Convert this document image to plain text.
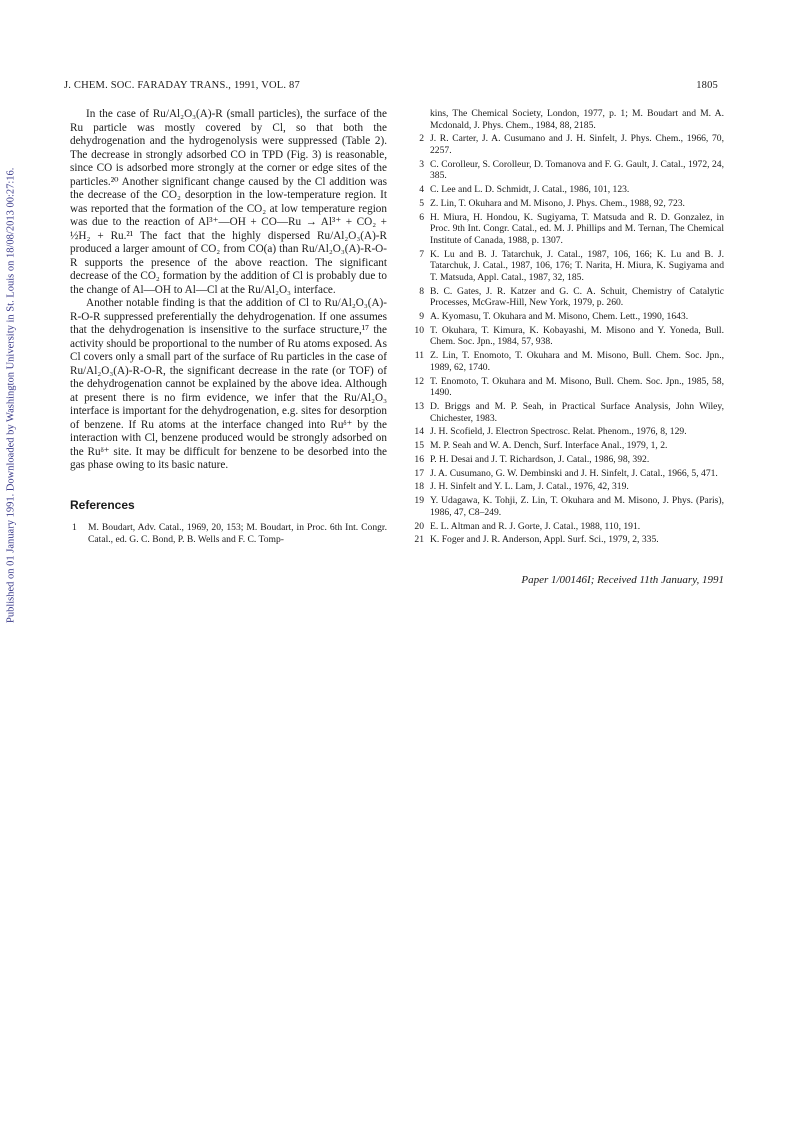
Published on 01 January 1991. Downloaded by Washington University in St. Louis on 18/08/2013 00:27:16.
J. CHEM. SOC. FARADAY TRANS., 1991, VOL. 87	1805

In the case of Ru/Al₂O₃(A)-R (small particles), the surface of the Ru particle was mostly covered by Cl, so that both the dehydrogenation and the hydrogenolysis were suppressed (Table 2). The decrease in strongly adsorbed CO in TPD (Fig. 3) is reasonable, since CO is adsorbed more strongly at the corner or edge sites of the particles.²⁰ Another significant change caused by the Cl addition was the decrease of the CO₂ desorption in the low-temperature region. It was reported that the formation of the CO₂ at low temperature region was due to the reaction of Al³⁺—OH + CO—Ru → Al³⁺ + CO₂ + ½H₂ + Ru.²¹ The fact that the highly dispersed Ru/Al₂O₃(A)-R produced a larger amount of CO₂ from CO(a) than Ru/Al₂O₃(A)-R-O-R supports the presence of the above reaction. The significant decrease of the CO₂ formation by the addition of Cl is probably due to the change of Al—OH to Al—Cl at the Ru/Al₂O₃ interface.

Another notable finding is that the addition of Cl to Ru/Al₂O₃(A)-R-O-R suppressed preferentially the dehydrogenation. If one assumes that the dehydrogenation is insensitive to the surface structure,¹⁷ the activity should be proportional to the number of Ru atoms exposed. As Cl covers only a small part of the surface of Ru particles in the case of Ru/Al₂O₃(A)-R-O-R, the significant decrease in the rate (or TOF) of the dehydrogenation cannot be explained by the above idea. Although at present there is no firm evidence, we infer that the Ru/Al₂O₃ interface is important for the dehydrogenation, e.g. sites for desorption of benzene. If Ru atoms at the interface changed into Ruᵟ⁺ by the interaction with Cl, benzene produced would be strongly adsorbed on the Ruᵟ⁺ site. It may be difficult for benzene to be desorbed into the gas phase owing to its basic nature.

References
1	M. Boudart, Adv. Catal., 1969, 20, 153; M. Boudart, in Proc. 6th Int. Congr. Catal., ed. G. C. Bond, P. B. Wells and F. C. Tomp-
kins, The Chemical Society, London, 1977, p. 1; M. Boudart and M. A. Mcdonald, J. Phys. Chem., 1984, 88, 2185.
2 J. R. Carter, J. A. Cusumano and J. H. Sinfelt, J. Phys. Chem., 1966, 70, 2257.
3 C. Corolleur, S. Corolleur, D. Tomanova and F. G. Gault, J. Catal., 1972, 24, 385.
4 C. Lee and L. D. Schmidt, J. Catal., 1986, 101, 123.
5 Z. Lin, T. Okuhara and M. Misono, J. Phys. Chem., 1988, 92, 723.
6 H. Miura, H. Hondou, K. Sugiyama, T. Matsuda and R. D. Gonzalez, in Proc. 9th Int. Congr. Catal., ed. M. J. Phillips and M. Ternan, The Chemical Institute of Canada, 1988, p. 1307.
7 K. Lu and B. J. Tatarchuk, J. Catal., 1987, 106, 166; K. Lu and B. J. Tatarchuk, J. Catal., 1987, 106, 176; T. Narita, H. Miura, K. Sugiyama and T. Matsuda, Appl. Catal., 1987, 32, 185.
8 B. C. Gates, J. R. Katzer and G. C. A. Schuit, Chemistry of Catalytic Processes, McGraw-Hill, New York, 1979, p. 260.
9 A. Kyomasu, T. Okuhara and M. Misono, Chem. Lett., 1990, 1643.
10 T. Okuhara, T. Kimura, K. Kobayashi, M. Misono and Y. Yoneda, Bull. Chem. Soc. Jpn., 1984, 57, 938.
11 Z. Lin, T. Enomoto, T. Okuhara and M. Misono, Bull. Chem. Soc. Jpn., 1989, 62, 1740.
12 T. Enomoto, T. Okuhara and M. Misono, Bull. Chem. Soc. Jpn., 1985, 58, 1490.
13 D. Briggs and M. P. Seah, in Practical Surface Analysis, John Wiley, Chichester, 1983.
14 J. H. Scofield, J. Electron Spectrosc. Relat. Phenom., 1976, 8, 129.
15 M. P. Seah and W. A. Dench, Surf. Interface Anal., 1979, 1, 2.
16 P. H. Desai and J. T. Richardson, J. Catal., 1986, 98, 392.
17 J. A. Cusumano, G. W. Dembinski and J. H. Sinfelt, J. Catal., 1966, 5, 471.
18 J. H. Sinfelt and Y. L. Lam, J. Catal., 1976, 42, 319.
19 Y. Udagawa, K. Tohji, Z. Lin, T. Okuhara and M. Misono, J. Phys. (Paris), 1986, 47, C8–249.
20 E. L. Altman and R. J. Gorte, J. Catal., 1988, 110, 191.
21 K. Foger and J. R. Anderson, Appl. Surf. Sci., 1979, 2, 335.
Paper 1/00146I; Received 11th January, 1991
